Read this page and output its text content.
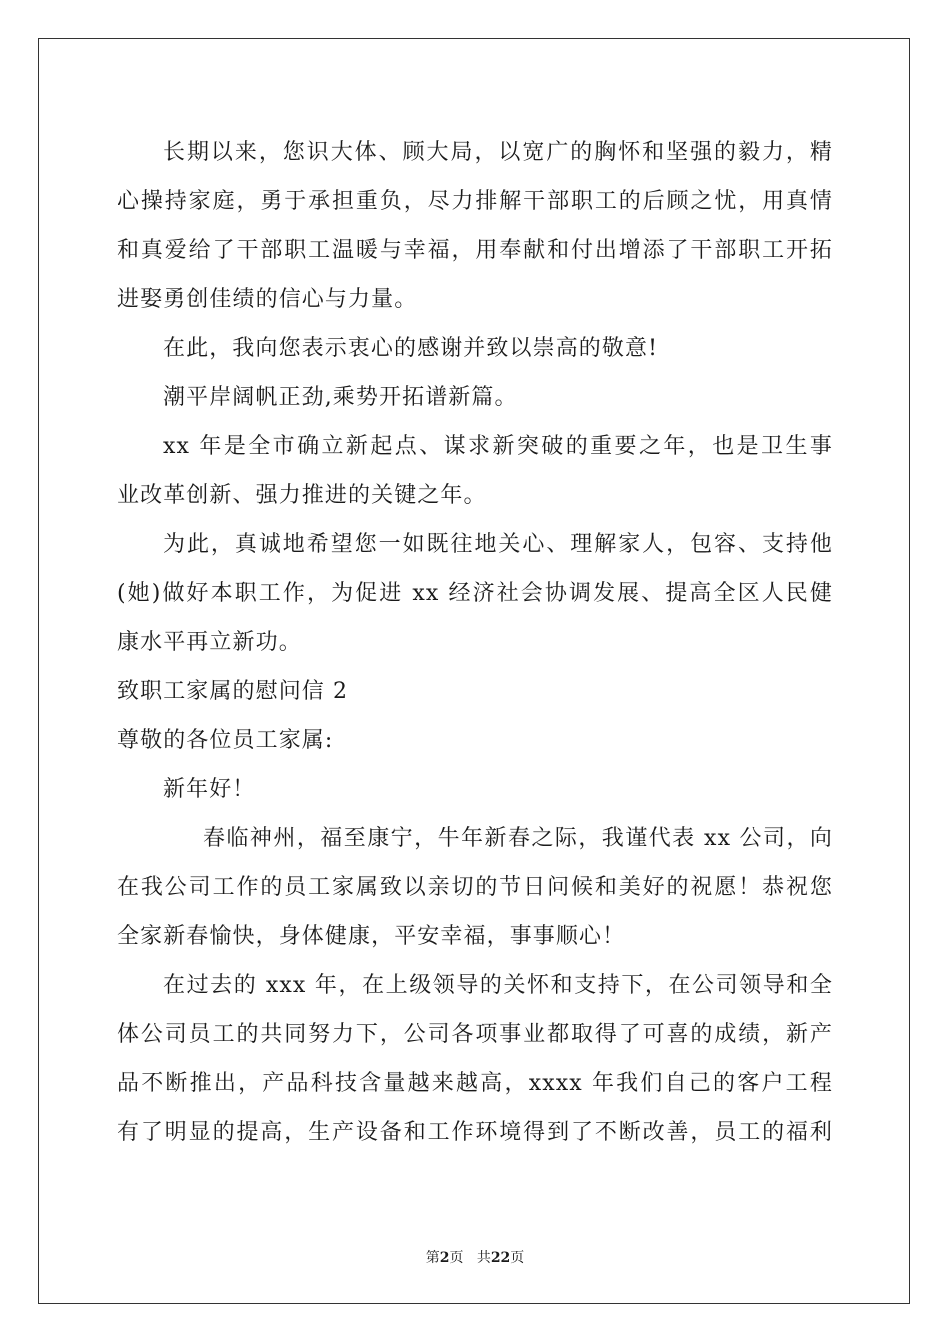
长期以来，您识大体、顾大局，以宽广的胸怀和坚强的毅力，精
心操持家庭，勇于承担重负，尽力排解干部职工的后顾之忧，用真情
和真爱给了干部职工温暖与幸福，用奉献和付出增添了干部职工开拓
进娶勇创佳绩的信心与力量。
在此，我向您表示衷心的感谢并致以崇高的敬意!
潮平岸阔帆正劲,乘势开拓谱新篇。
xx 年是全市确立新起点、谋求新突破的重要之年，也是卫生事
业改革创新、强力推进的关键之年。
为此，真诚地希望您一如既往地关心、理解家人，包容、支持他
(她)做好本职工作，为促进 xx 经济社会协调发展、提高全区人民健
康水平再立新功。
致职工家属的慰问信 2
尊敬的各位员工家属:
新年好！
春临神州，福至康宁，牛年新春之际，我谨代表 xx 公司，向
在我公司工作的员工家属致以亲切的节日问候和美好的祝愿！恭祝您
全家新春愉快，身体健康，平安幸福，事事顺心！
在过去的 xxx 年，在上级领导的关怀和支持下，在公司领导和全
体公司员工的共同努力下，公司各项事业都取得了可喜的成绩，新产
品不断推出，产品科技含量越来越高，xxxx 年我们自己的客户工程
有了明显的提高，生产设备和工作环境得到了不断改善，员工的福利
第2页 共22页
